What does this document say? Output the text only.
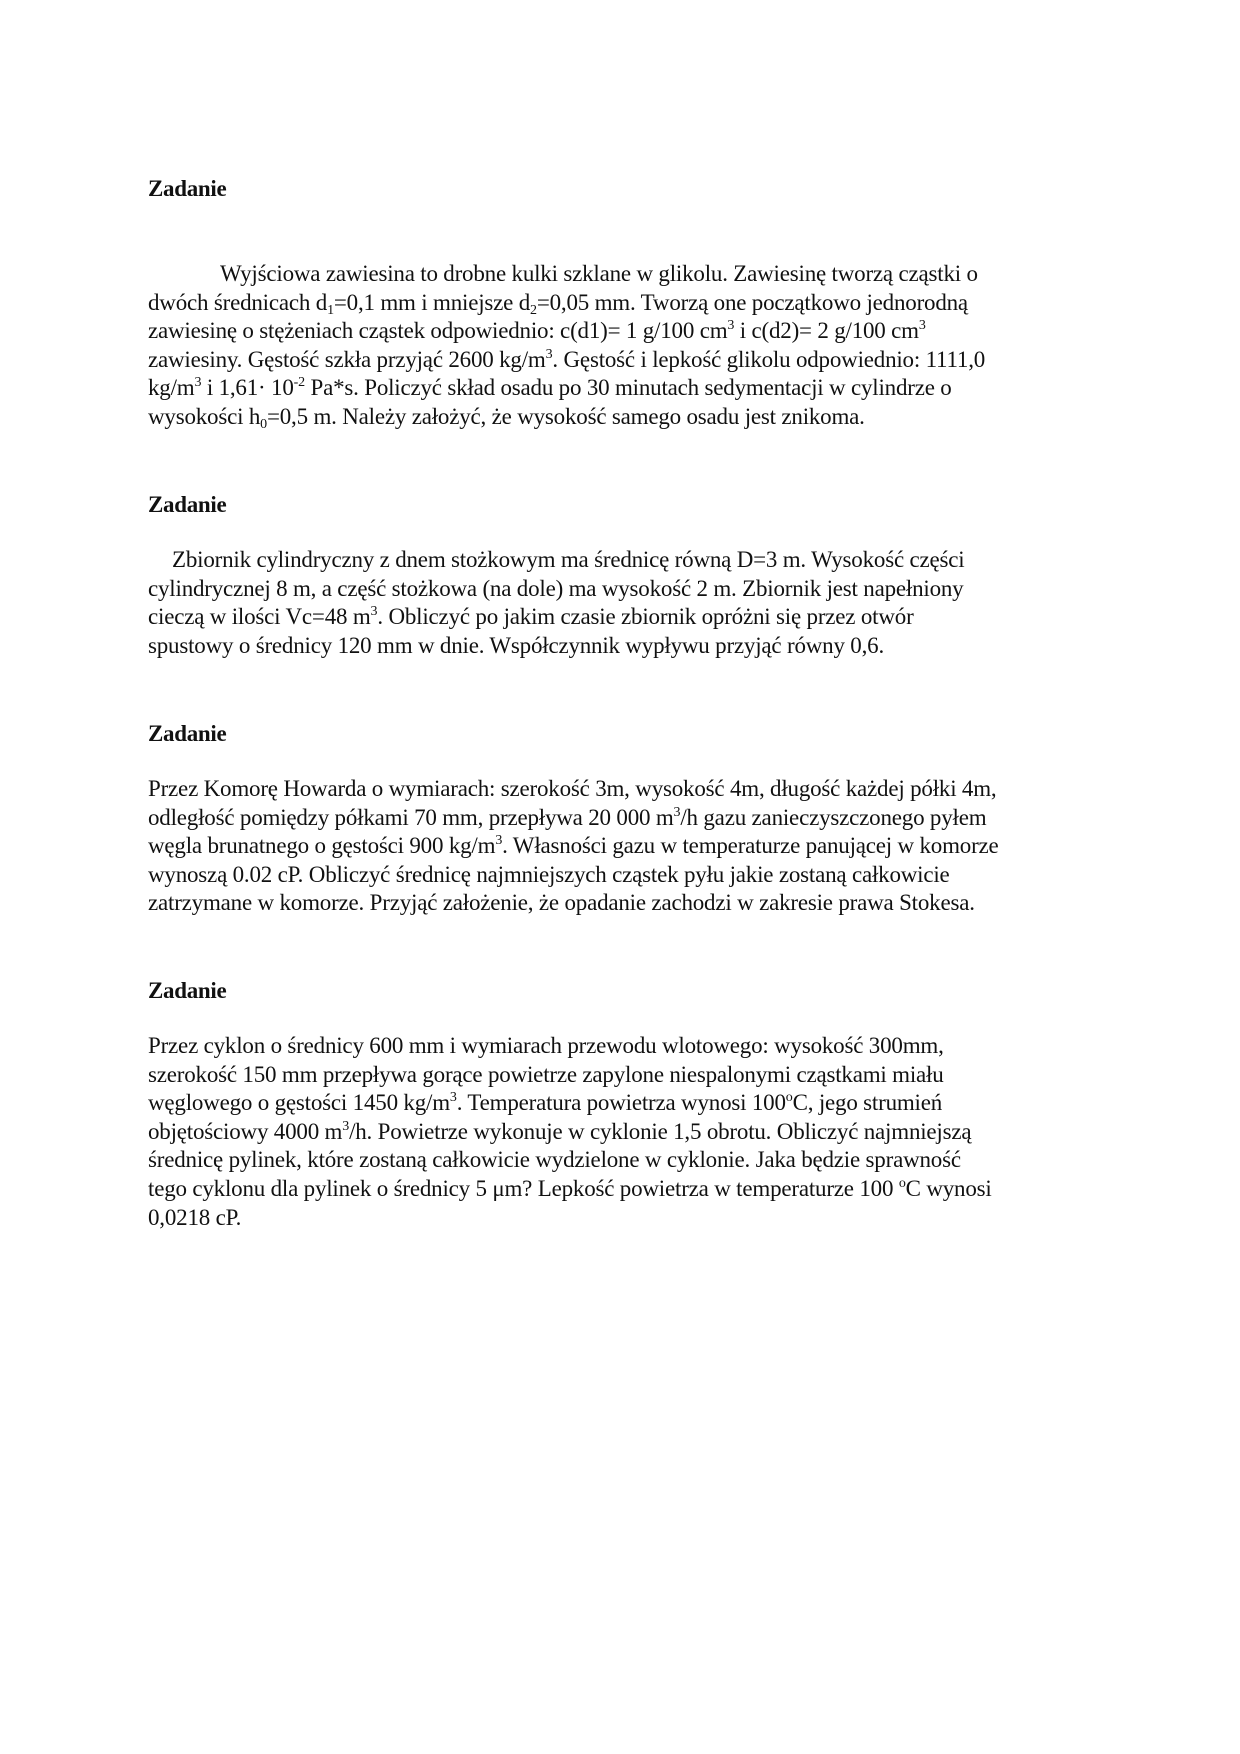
Zadanie
Wyjściowa zawiesina to drobne kulki szklane w glikolu. Zawiesinę tworzą cząstki o
dwóch średnicach $d_1=0,1$ mm i mniejsze $d_2=0,05$ mm. Tworzą one początkowo jednorodną
zawiesinę o stężeniach cząstek odpowiednio: c(d1)= 1 g/100 $cm^3$ i c(d2)= 2 g/100 $cm^3$
zawiesiny. Gęstość szkła przyjąć 2600 $kg/m^3$. Gęstość i lepkość glikolu odpowiednio: 1111,0
$kg/m^3$ i $1,61\cdot 10^{-2}$ Pa*s. Policzyć skład osadu po 30 minutach sedymentacji w cylindrze o
wysokości $h_0=0,5$ m. Należy założyć, że wysokość samego osadu jest znikoma.
Zadanie
Zbiornik cylindryczny z dnem stożkowym ma średnicę równą D=3 m. Wysokość części
cylindrycznej 8 m, a część stożkowa (na dole) ma wysokość 2 m. Zbiornik jest napełniony
cieczą w ilości Vc=48 $m^3$. Obliczyć po jakim czasie zbiornik opróżni się przez otwór
spustowy o średnicy 120 mm w dnie. Współczynnik wypływu przyjąć równy 0,6.
Zadanie
Przez Komorę Howarda o wymiarach: szerokość 3m, wysokość 4m, długość każdej półki 4m,
odległość pomiędzy półkami 70 mm, przepływa 20 000 $m^3/h$ gazu zanieczyszczonego pyłem
węgla brunatnego o gęstości 900 $kg/m^3$. Własności gazu w temperaturze panującej w komorze
wynoszą 0.02 cP. Obliczyć średnicę najmniejszych cząstek pyłu jakie zostaną całkowicie
zatrzymane w komorze. Przyjąć założenie, że opadanie zachodzi w zakresie prawa Stokesa.
Zadanie
Przez cyklon o średnicy 600 mm i wymiarach przewodu wlotowego: wysokość 300mm,
szerokość 150 mm przepływa gorące powietrze zapylone niespalonymi cząstkami miału
węglowego o gęstości 1450 $kg/m^3$. Temperatura powietrza wynosi 100$^o$C, jego strumień
objętościowy 4000 $m^3/h$. Powietrze wykonuje w cyklonie 1,5 obrotu. Obliczyć najmniejszą
średnicę pylinek, które zostaną całkowicie wydzielone w cyklonie. Jaka będzie sprawność
tego cyklonu dla pylinek o średnicy 5 μm? Lepkość powietrza w temperaturze 100 $^o$C wynosi
0,0218 cP.
